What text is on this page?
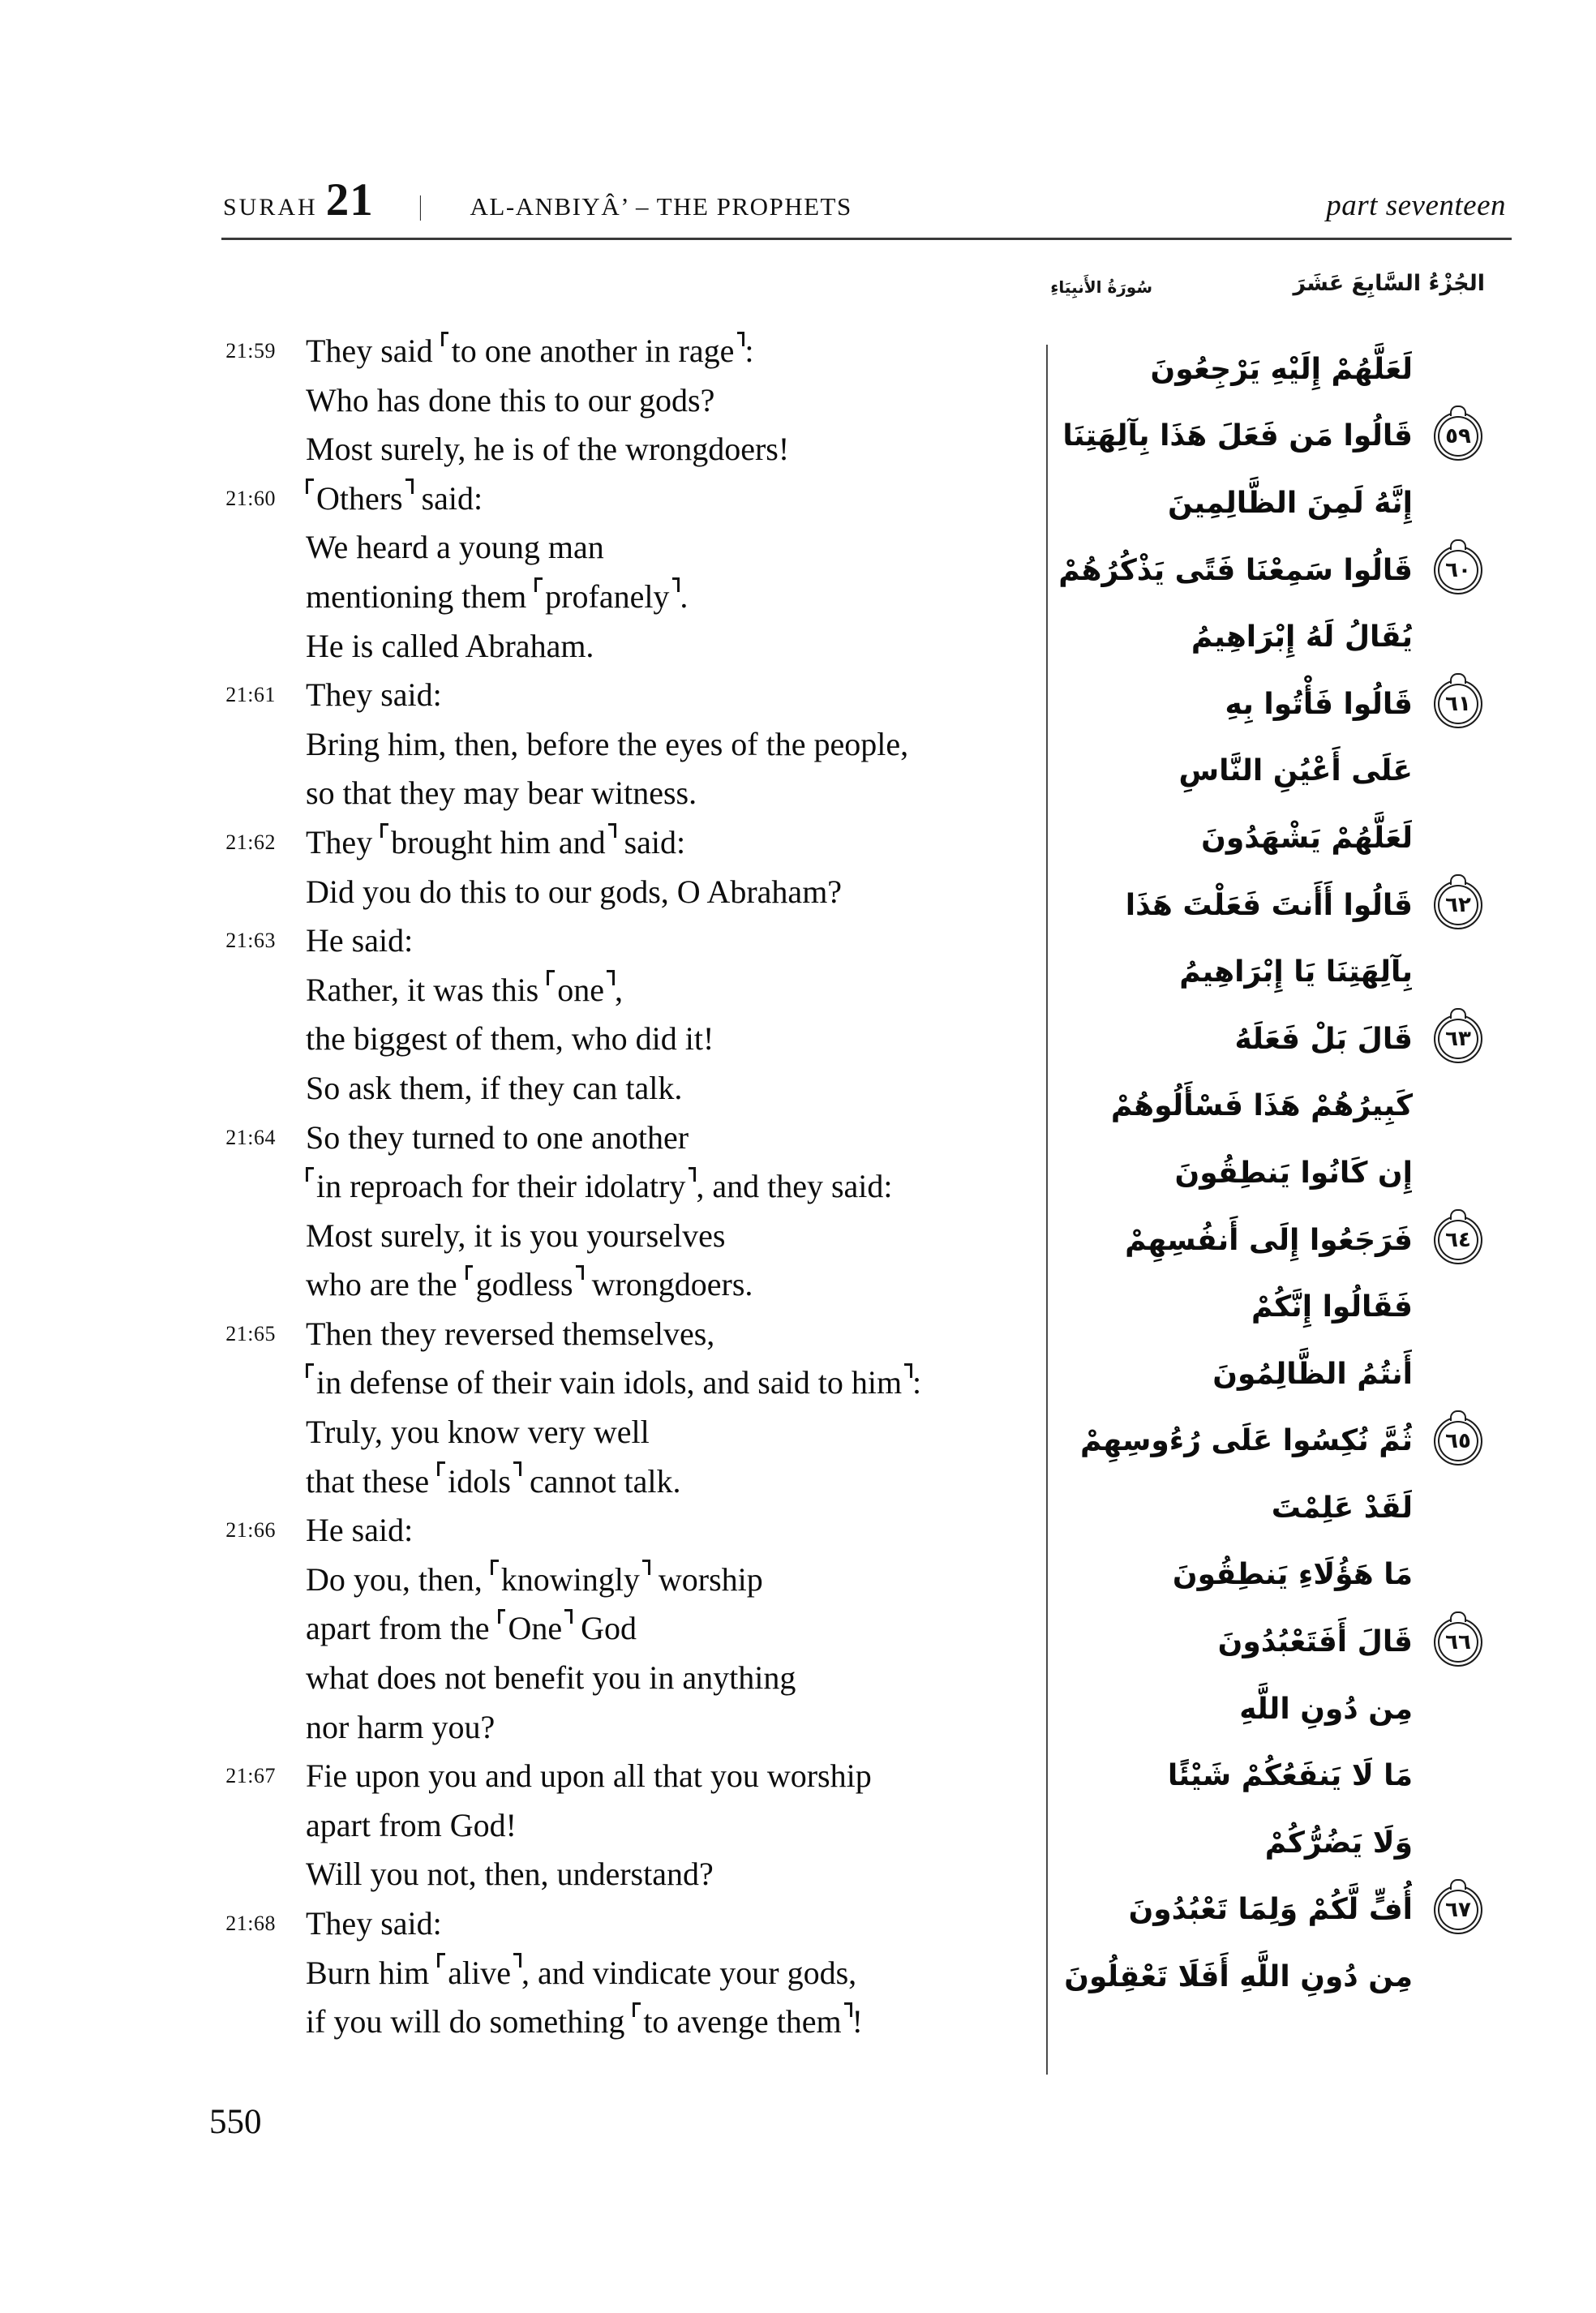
SURAH 21 | AL-ANBIYÂ’ – THE PROPHETS	part seventeen
الجُزْءُ السَّابِعَ عَشَرَ
سُورَةُ الأَنبِيَاءِ
21:59 They said to one another in rage :
Who has done this to our gods?
Most surely, he is of the wrongdoers!
21:60	Others said:
We heard a young man
mentioning them profanely .
He is called Abraham.
21:61 They said:
Bring him, then, before the eyes of the people,
so that they may bear witness.
21:62 They brought him and said:
Did you do this to our gods, O Abraham?
21:63 He said:
Rather, it was this one ,
the biggest of them, who did it!
So ask them, if they can talk.
21:64 So they turned to one another
in reproach for their idolatry , and they said:
Most surely, it is you yourselves
who are the godless wrongdoers.
21:65 Then they reversed themselves,
in defense of their vain idols, and said to him :
Truly, you know very well
that these idols cannot talk.
21:66 He said:
Do you, then, knowingly worship
apart from the One God
what does not benefit you in anything
nor harm you?
21:67 Fie upon you and upon all that you worship
apart from God!
Will you not, then, understand?
21:68 They said:
Burn him alive , and vindicate your gods,
if you will do something to avenge them !
لَعَلَّهُمْ إِلَيْهِ يَرْجِعُونَ
٥٩
قَالُوا مَن فَعَلَ هَذَا بِآلِهَتِنَا
إِنَّهُ لَمِنَ الظَّالِمِينَ
٦٠
قَالُوا سَمِعْنَا فَتًى يَذْكُرُهُمْ
يُقَالُ لَهُ إِبْرَاهِيمُ
٦١
قَالُوا فَأْتُوا بِهِ
عَلَى أَعْيُنِ النَّاسِ
لَعَلَّهُمْ يَشْهَدُونَ
٦٢
قَالُوا أَأَنتَ فَعَلْتَ هَذَا
بِآلِهَتِنَا يَا إِبْرَاهِيمُ
٦٣
قَالَ بَلْ فَعَلَهُ
كَبِيرُهُمْ هَذَا فَسْأَلُوهُمْ
إِن كَانُوا يَنطِقُونَ
٦٤
فَرَجَعُوا إِلَى أَنفُسِهِمْ
فَقَالُوا إِنَّكُمْ
أَنتُمُ الظَّالِمُونَ
٦٥
ثُمَّ نُكِسُوا عَلَى رُءُوسِهِمْ
لَقَدْ عَلِمْتَ
مَا هَؤُلَاءِ يَنطِقُونَ
٦٦
قَالَ أَفَتَعْبُدُونَ
مِن دُونِ اللَّهِ
مَا لَا يَنفَعُكُمْ شَيْئًا
وَلَا يَضُرُّكُمْ
٦٧
أُفٍّ لَّكُمْ وَلِمَا تَعْبُدُونَ
مِن دُونِ اللَّهِ أَفَلَا تَعْقِلُونَ
550
